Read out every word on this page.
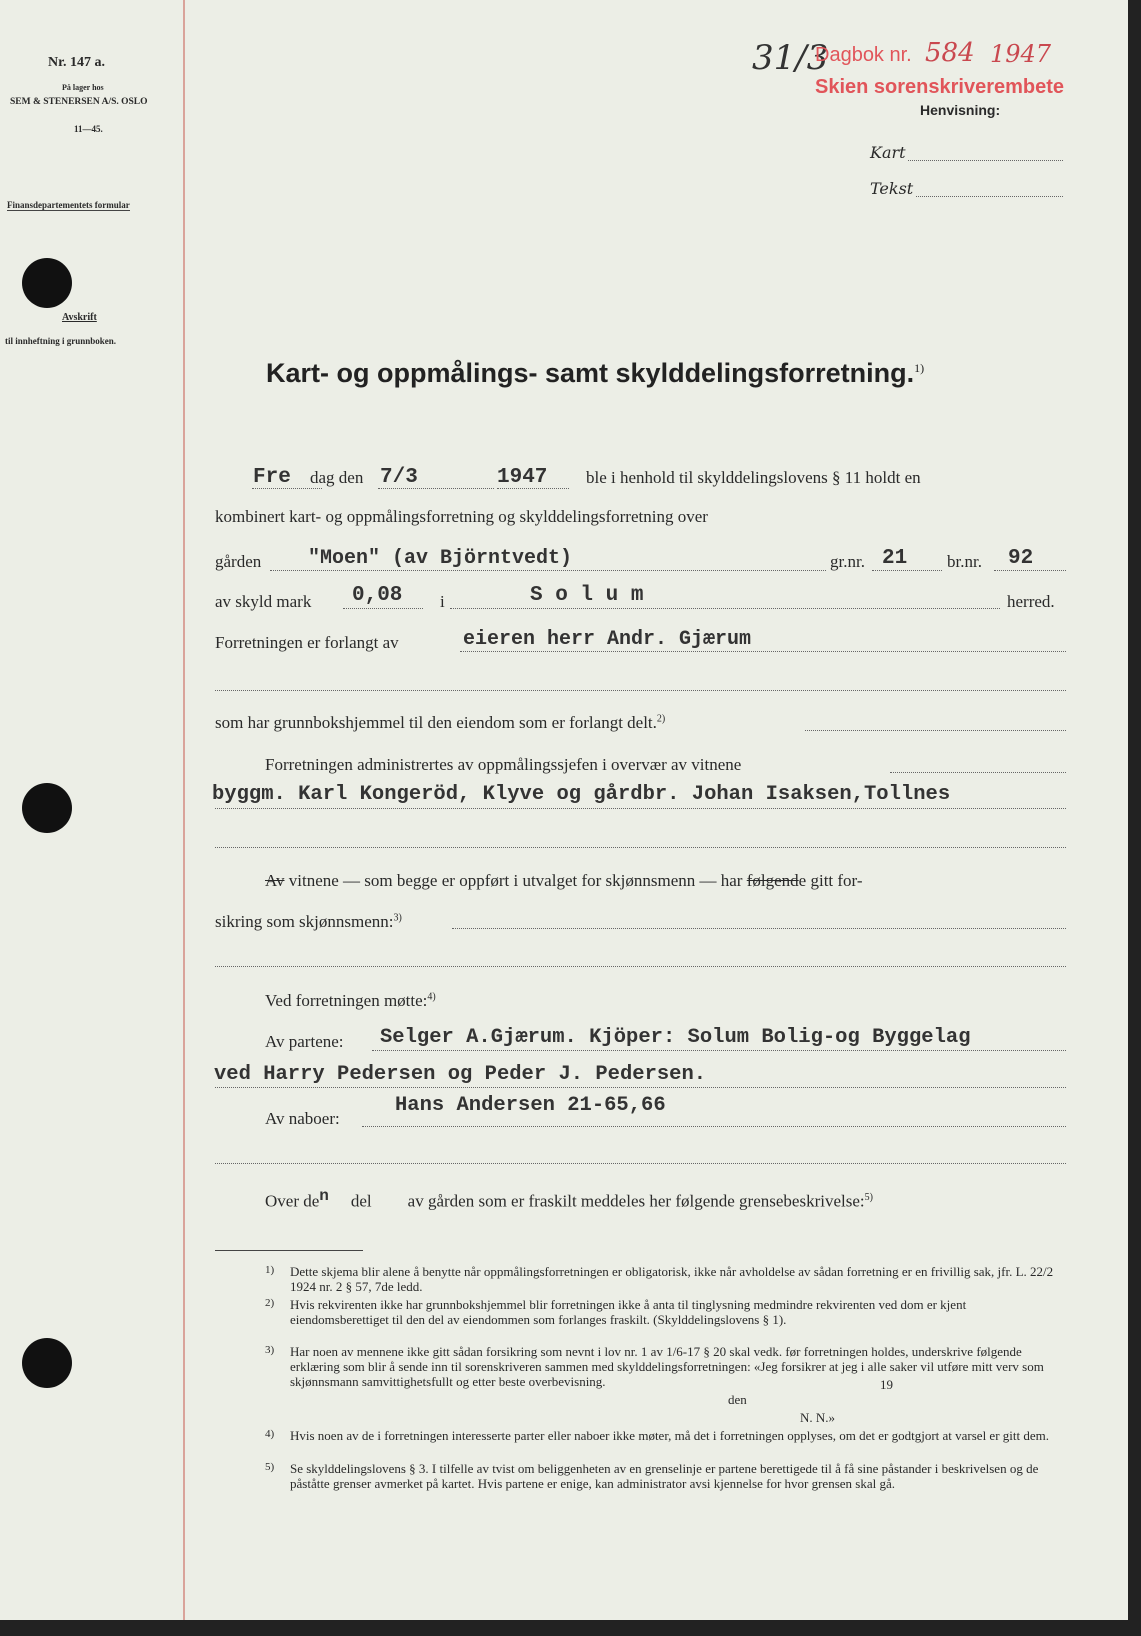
Nr. 147 a.
På lager hos
SEM & STENERSEN A/S. OSLO
11—45.
Finansdepartementets formular
Avskrift
til innheftning i grunnboken.
31/3
Dagbok nr. 584 1947
Skien sorenskriverembete
Henvisning:
Kart
Tekst
Kart- og oppmålings- samt skylddelingsforretning.$^{1)}$
Fre dag den 7/3	1947 ble i henhold til skylddelingslovens § 11 holdt en
kombinert kart- og oppmålingsforretning og skylddelingsforretning over
gården "Moen" (av Björntvedt)	gr.nr. 21 br.nr. 92
av skyld mark 0,08 i	S o l u m	herred.
Forretningen er forlangt av	eieren herr Andr. Gjærum
som har grunnbokshjemmel til den eiendom som er forlangt delt.$^{2)}$
Forretningen administrertes av oppmålingssjefen i overvær av vitnene
byggm. Karl Kongeröd, Klyve og gårdbr. Johan Isaksen,Tollnes
Av vitnene — som begge er oppført i utvalget for skjønnsmenn — har følgende gitt for-
sikring som skjønnsmenn:$^{3)}$
Ved forretningen møtte:$^{4)}$
Av partene: Selger A.Gjærum. Kjöper: Solum Bolig-og Byggelag
ved Harry Pedersen og Peder J. Pedersen.
Av naboer:
Hans Andersen 21-65,66
Over $de^n$ del av gården som er fraskilt meddeles her følgende grensebeskrivelse:$^{5)}$
1) Dette skjema blir alene å benytte når oppmålingsforretningen er obligatorisk, ikke når avholdelse av sådan forretning er en frivillig sak, jfr. L. 22/2 1924 nr. 2 § 57, 7de ledd.
2) Hvis rekvirenten ikke har grunnbokshjemmel blir forretningen ikke å anta til tinglysning medmindre rekvirenten ved dom er kjent eiendomsberettiget til den del av eiendommen som forlanges fraskilt. (Skylddelingslovens § 1).
3) Har noen av mennene ikke gitt sådan forsikring som nevnt i lov nr. 1 av 1/6-17 § 20 skal vedk. før forretningen holdes, underskrive følgende erklæring som blir å sende inn til sorenskriveren sammen med skylddelingsforretningen: «Jeg forsikrer at jeg i alle saker vil utføre mitt verv som skjønnsmann samvittighetsfullt og etter beste overbevisning.
den
19
N. N.»
4) Hvis noen av de i forretningen interesserte parter eller naboer ikke møter, må det i forretningen opplyses, om det er godtgjort at varsel er gitt dem.
5) Se skylddelingslovens § 3. I tilfelle av tvist om beliggenheten av en grenselinje er partene berettigede til å få sine påstander i beskrivelsen og de påståtte grenser avmerket på kartet. Hvis partene er enige, kan administrator avsi kjennelse for hvor grensen skal gå.
